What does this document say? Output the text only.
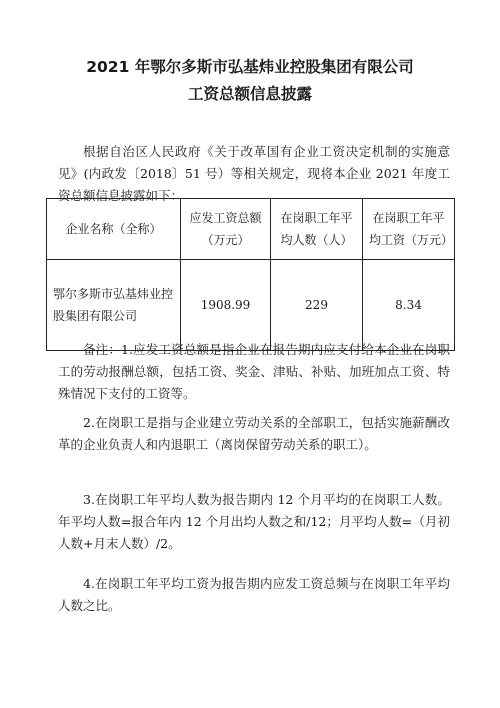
2021 年鄂尔多斯市弘基炜业控股集团有限公司
工资总额信息披露

根据自治区人民政府《关于改革国有企业工资决定机制的实施意见》(内政发〔2018〕51 号）等相关规定，现将本企业 2021 年度工资总额信息披露如下：

企业名称（全称）	应发工资总额（万元）	在岗职工年平均人数（人）	在岗职工年平均工资（万元）
鄂尔多斯市弘基炜业控股集团有限公司	1908.99	229	8.34

备注：1.应发工资总额是指企业在报告期内应支付给本企业在岗职工的劳动报酬总额，包括工资、奖金、津贴、补贴、加班加点工资、特殊情况下支付的工资等。

2.在岗职工是指与企业建立劳动关系的全部职工，包括实施薪酬改革的企业负责人和内退职工（离岗保留劳动关系的职工）。

3.在岗职工年平均人数为报告期内 12 个月平均的在岗职工人数。年平均人数=报合年内 12 个月出均人数之和/12；月平均人数=（月初人数+月末人数）/2。

4.在岗职工年平均工资为报告期内应发工资总频与在岗职工年平均人数之比。
